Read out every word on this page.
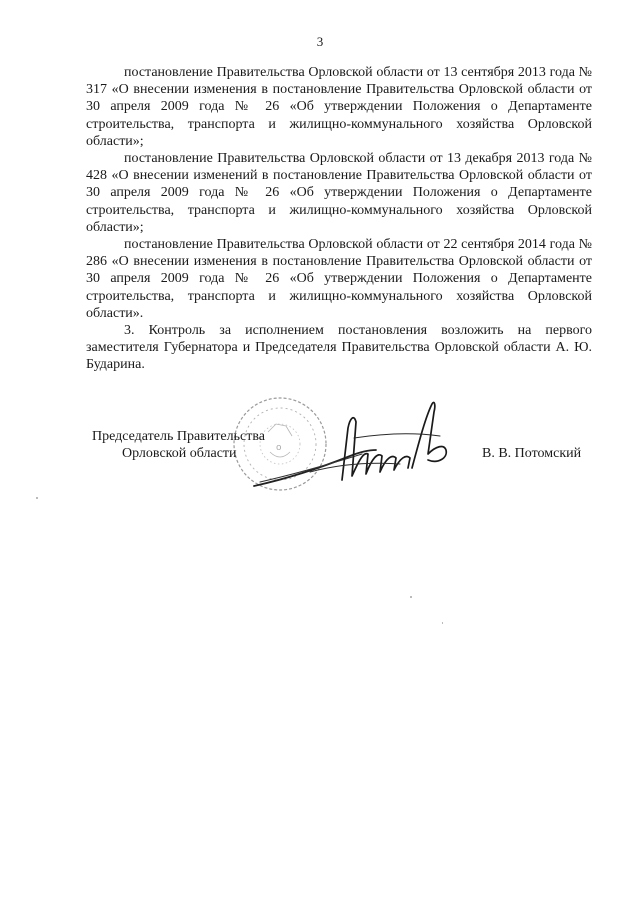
3

постановление Правительства Орловской области от 13 сентября 2013 года № 317 «О внесении изменения в постановление Правительства Орловской области от 30 апреля 2009 года № 26 «Об утверждении Положения о Департаменте строительства, транспорта и жилищно-коммунального хозяйства Орловской области»;

постановление Правительства Орловской области от 13 декабря 2013 года № 428 «О внесении изменений в постановление Правительства Орловской области от 30 апреля 2009 года № 26 «Об утверждении Положения о Департаменте строительства, транспорта и жилищно-коммунального хозяйства Орловской области»;

постановление Правительства Орловской области от 22 сентября 2014 года № 286 «О внесении изменения в постановление Правительства Орловской области от 30 апреля 2009 года № 26 «Об утверждении Положения о Департаменте строительства, транспорта и жилищно-коммунального хозяйства Орловской области».

3. Контроль за исполнением постановления возложить на первого заместителя Губернатора и Председателя Правительства Орловской области А. Ю. Бударина.

о
Председатель Правительства
Орловской области	В. В. Потомский
